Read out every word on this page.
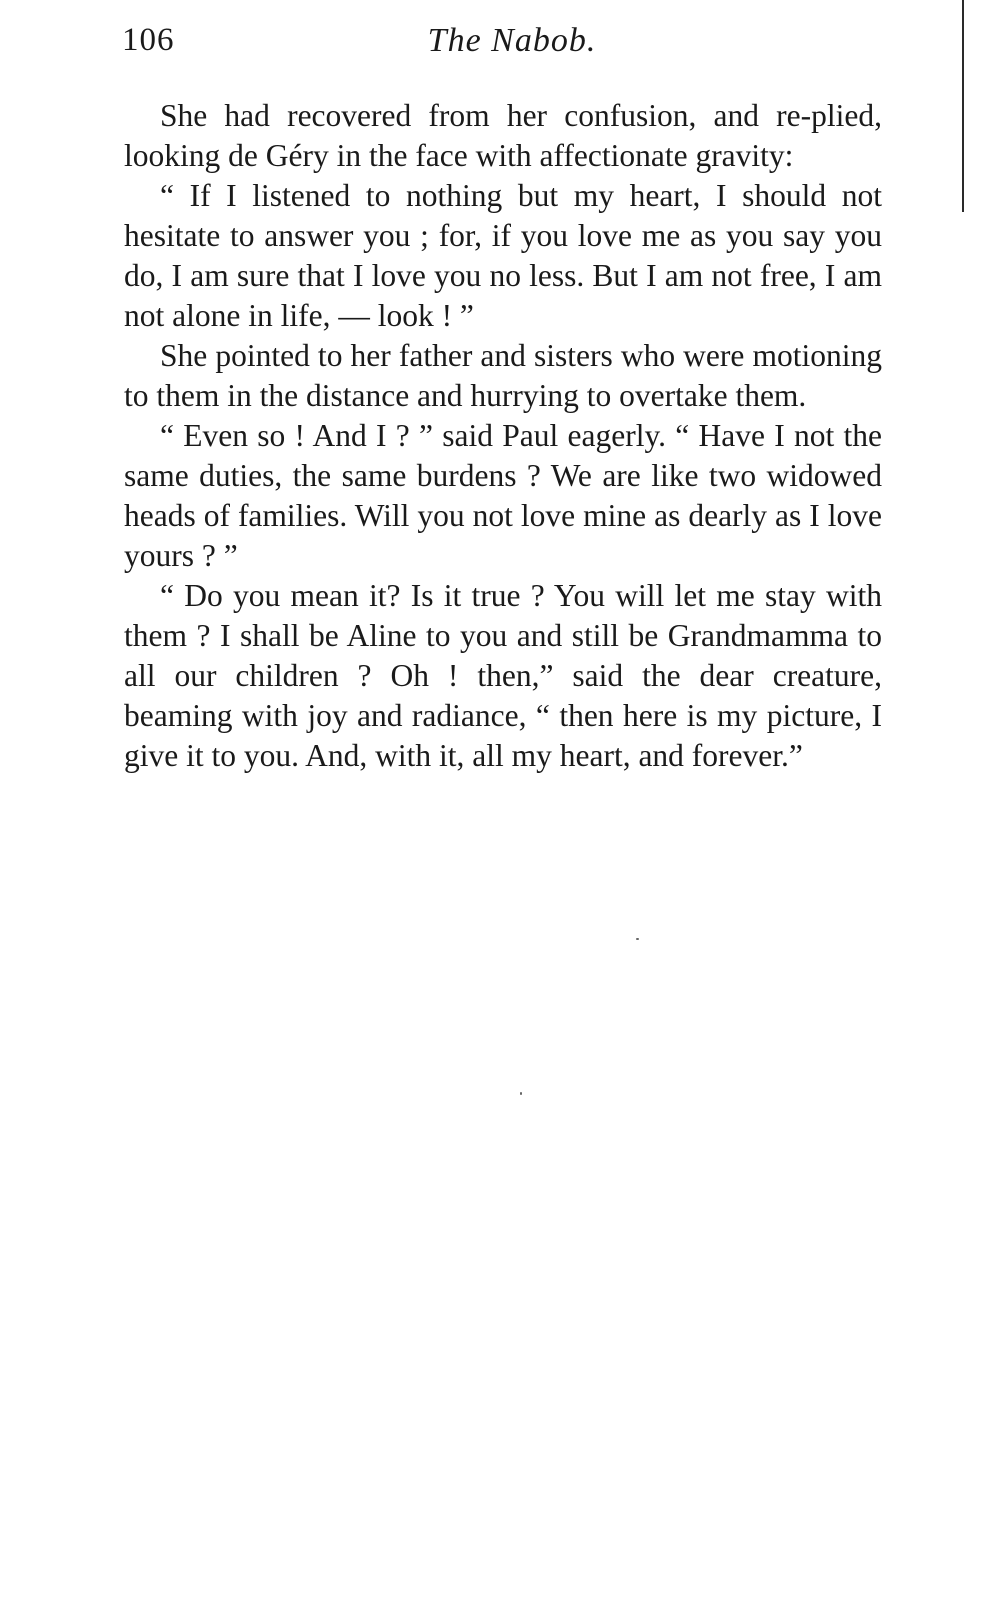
106	The Nabob.

She had recovered from her confusion, and re-plied, looking de Géry in the face with affectionate gravity:

“ If I listened to nothing but my heart, I should not hesitate to answer you ; for, if you love me as you say you do, I am sure that I love you no less. But I am not free, I am not alone in life, — look ! ”

She pointed to her father and sisters who were motioning to them in the distance and hurrying to overtake them.

“ Even so ! And I ? ” said Paul eagerly. “ Have I not the same duties, the same burdens ? We are like two widowed heads of families. Will you not love mine as dearly as I love yours ? ”

“ Do you mean it? Is it true ? You will let me stay with them ? I shall be Aline to you and still be Grandmamma to all our children ? Oh ! then,” said the dear creature, beaming with joy and radiance, “ then here is my picture, I give it to you. And, with it, all my heart, and forever.”
